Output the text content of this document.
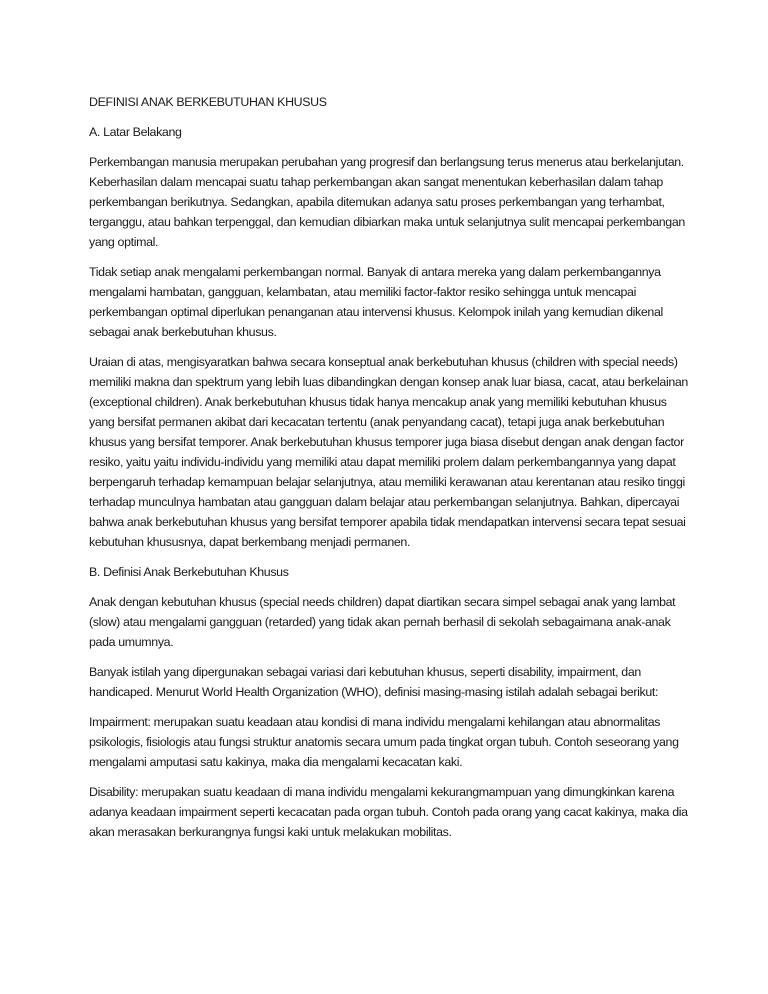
DEFINISI ANAK BERKEBUTUHAN KHUSUS

A. Latar Belakang

Perkembangan manusia merupakan perubahan yang progresif dan berlangsung terus menerus atau berkelanjutan. Keberhasilan dalam mencapai suatu tahap perkembangan akan sangat menentukan keberhasilan dalam tahap perkembangan berikutnya. Sedangkan, apabila ditemukan adanya satu proses perkembangan yang terhambat, terganggu, atau bahkan terpenggal, dan kemudian dibiarkan maka untuk selanjutnya sulit mencapai perkembangan yang optimal.

Tidak setiap anak mengalami perkembangan normal. Banyak di antara mereka yang dalam perkembangannya mengalami hambatan, gangguan, kelambatan, atau memiliki factor-faktor resiko sehingga untuk mencapai perkembangan optimal diperlukan penanganan atau intervensi khusus. Kelompok inilah yang kemudian dikenal sebagai anak berkebutuhan khusus.

Uraian di atas, mengisyaratkan bahwa secara konseptual anak berkebutuhan khusus (children with special needs) memiliki makna dan spektrum yang lebih luas dibandingkan dengan konsep anak luar biasa, cacat, atau berkelainan (exceptional children). Anak berkebutuhan khusus tidak hanya mencakup anak yang memiliki kebutuhan khusus yang bersifat permanen akibat dari kecacatan tertentu (anak penyandang cacat), tetapi juga anak berkebutuhan khusus yang bersifat temporer. Anak berkebutuhan khusus temporer juga biasa disebut dengan anak dengan factor resiko, yaitu yaitu individu-individu yang memiliki atau dapat memiliki prolem dalam perkembangannya yang dapat berpengaruh terhadap kemampuan belajar selanjutnya, atau memiliki kerawanan atau kerentanan atau resiko tinggi terhadap munculnya hambatan atau gangguan dalam belajar atau perkembangan selanjutnya. Bahkan, dipercayai bahwa anak berkebutuhan khusus yang bersifat temporer apabila tidak mendapatkan intervensi secara tepat sesuai kebutuhan khususnya, dapat berkembang menjadi permanen.

B. Definisi Anak Berkebutuhan Khusus

Anak dengan kebutuhan khusus (special needs children) dapat diartikan secara simpel sebagai anak yang lambat (slow) atau mengalami gangguan (retarded) yang tidak akan pernah berhasil di sekolah sebagaimana anak-anak pada umumnya.

Banyak istilah yang dipergunakan sebagai variasi dari kebutuhan khusus, seperti disability, impairment, dan handicaped. Menurut World Health Organization (WHO), definisi masing-masing istilah adalah sebagai berikut:

Impairment: merupakan suatu keadaan atau kondisi di mana individu mengalami kehilangan atau abnormalitas psikologis, fisiologis atau fungsi struktur anatomis secara umum pada tingkat organ tubuh. Contoh seseorang yang mengalami amputasi satu kakinya, maka dia mengalami kecacatan kaki.

Disability: merupakan suatu keadaan di mana individu mengalami kekurangmampuan yang dimungkinkan karena adanya keadaan impairment seperti kecacatan pada organ tubuh. Contoh pada orang yang cacat kakinya, maka dia akan merasakan berkurangnya fungsi kaki untuk melakukan mobilitas.
